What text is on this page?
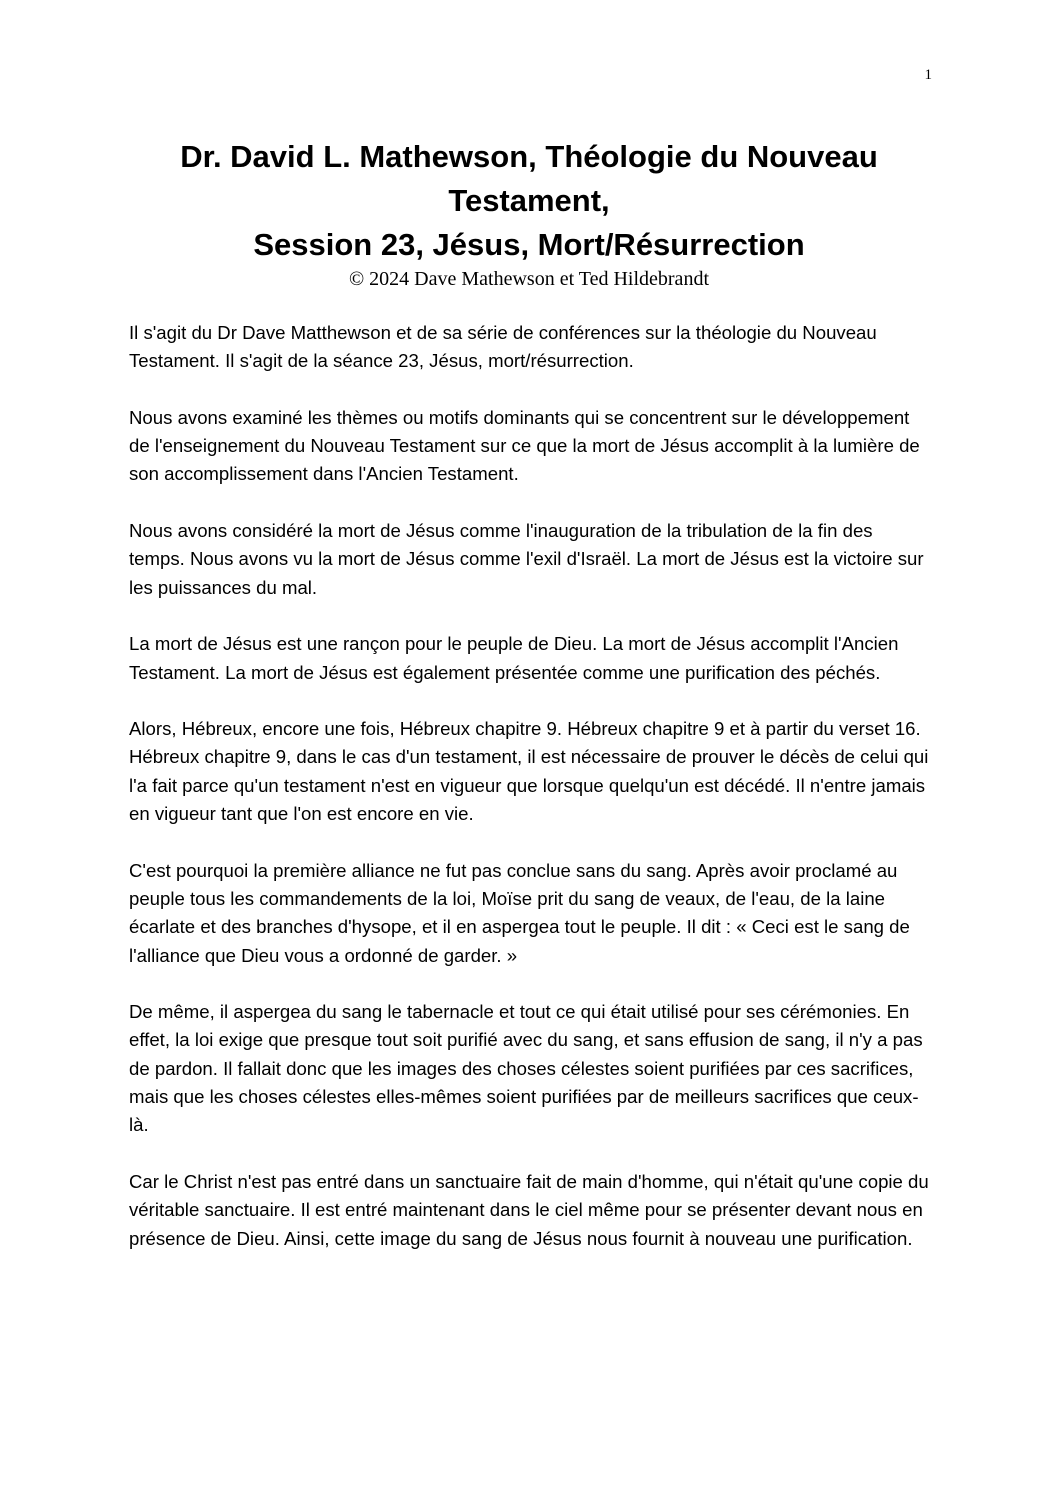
1
Dr. David L. Mathewson, Théologie du Nouveau
Testament,
Session 23, Jésus, Mort/Résurrection

© 2024 Dave Mathewson et Ted Hildebrandt

Il s'agit du Dr Dave Matthewson et de sa série de conférences sur la théologie du Nouveau Testament. Il s'agit de la séance 23, Jésus, mort/résurrection.

Nous avons examiné les thèmes ou motifs dominants qui se concentrent sur le développement de l'enseignement du Nouveau Testament sur ce que la mort de Jésus accomplit à la lumière de son accomplissement dans l'Ancien Testament.

Nous avons considéré la mort de Jésus comme l'inauguration de la tribulation de la fin des temps. Nous avons vu la mort de Jésus comme l'exil d'Israël. La mort de Jésus est la victoire sur les puissances du mal.

La mort de Jésus est une rançon pour le peuple de Dieu. La mort de Jésus accomplit l'Ancien Testament. La mort de Jésus est également présentée comme une purification des péchés.

Alors, Hébreux, encore une fois, Hébreux chapitre 9. Hébreux chapitre 9 et à partir du verset 16. Hébreux chapitre 9, dans le cas d'un testament, il est nécessaire de prouver le décès de celui qui l'a fait parce qu'un testament n'est en vigueur que lorsque quelqu'un est décédé. Il n'entre jamais en vigueur tant que l'on est encore en vie.

C'est pourquoi la première alliance ne fut pas conclue sans du sang. Après avoir proclamé au peuple tous les commandements de la loi, Moïse prit du sang de veaux, de l'eau, de la laine écarlate et des branches d'hysope, et il en aspergea tout le peuple. Il dit : « Ceci est le sang de l'alliance que Dieu vous a ordonné de garder. »

De même, il aspergea du sang le tabernacle et tout ce qui était utilisé pour ses cérémonies. En effet, la loi exige que presque tout soit purifié avec du sang, et sans effusion de sang, il n'y a pas de pardon. Il fallait donc que les images des choses célestes soient purifiées par ces sacrifices, mais que les choses célestes elles-mêmes soient purifiées par de meilleurs sacrifices que ceux-là.

Car le Christ n'est pas entré dans un sanctuaire fait de main d'homme, qui n'était qu'une copie du véritable sanctuaire. Il est entré maintenant dans le ciel même pour se présenter devant nous en présence de Dieu. Ainsi, cette image du sang de Jésus nous fournit à nouveau une purification.
